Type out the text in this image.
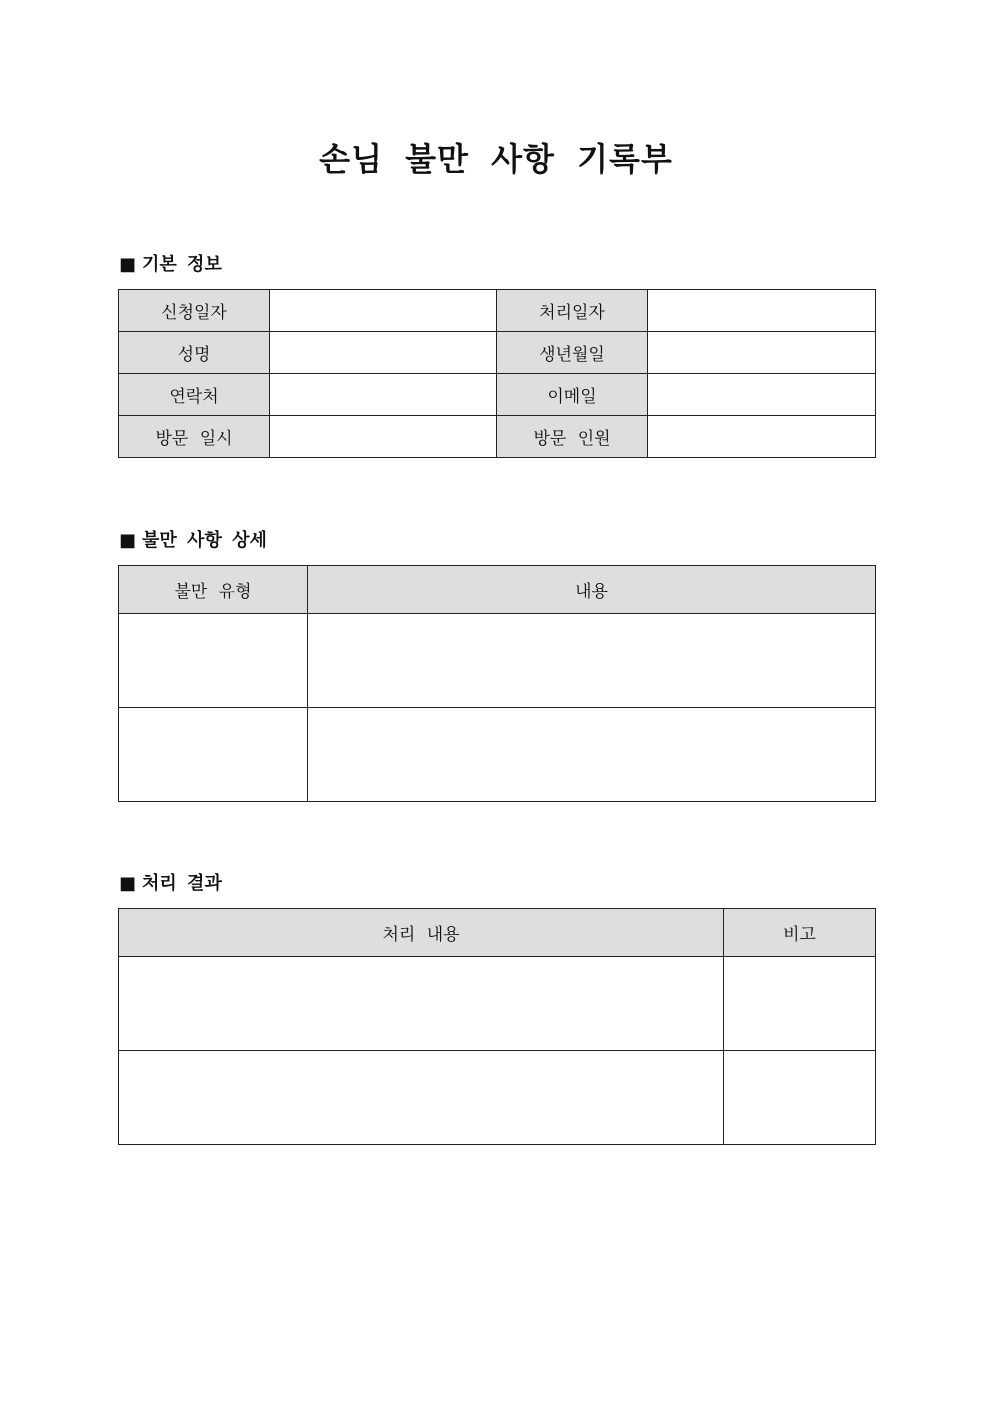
손님 불만 사항 기록부
■ 기본 정보
신청일자		처리일자	
성명		생년월일	
연락처		이메일	
방문 일시		방문 인원	
■ 불만 사항 상세
불만 유형	내용

■ 처리 결과
처리 내용	비고
